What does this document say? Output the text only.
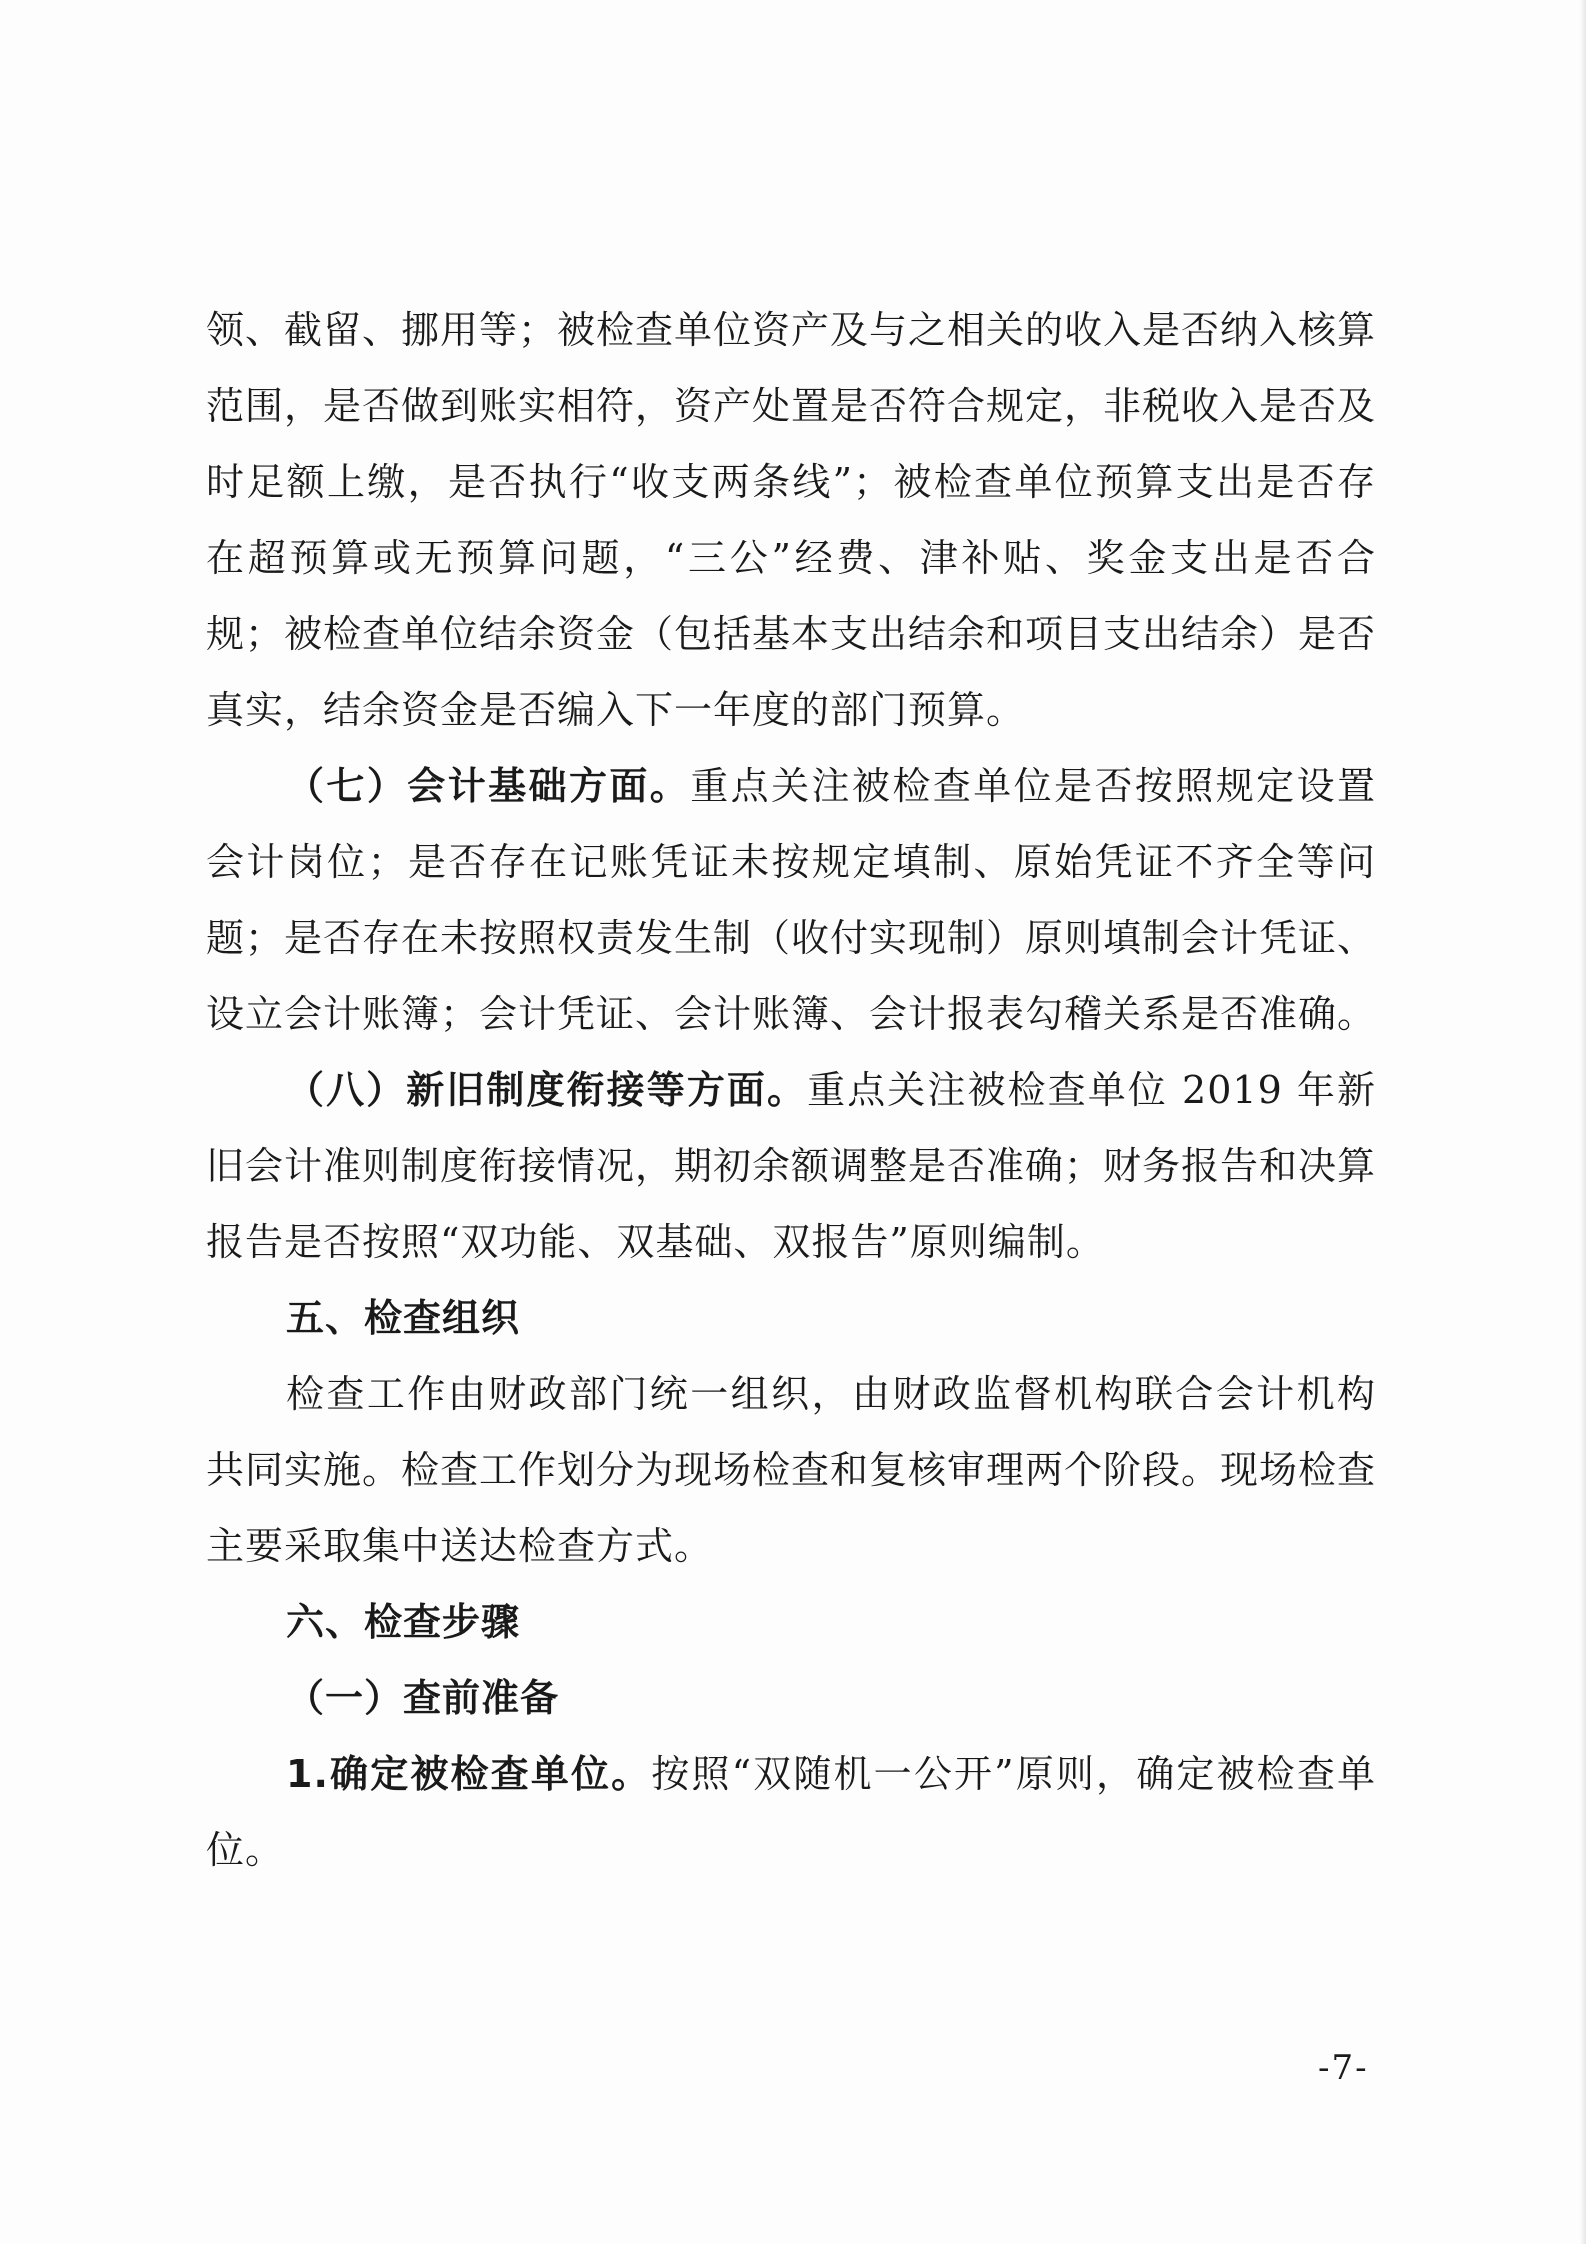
领、截留、挪用等；被检查单位资产及与之相关的收入是否纳入核算范围，是否做到账实相符，资产处置是否符合规定，非税收入是否及时足额上缴，是否执行“收支两条线”；被检查单位预算支出是否存在超预算或无预算问题，“三公”经费、津补贴、奖金支出是否合规；被检查单位结余资金（包括基本支出结余和项目支出结余）是否真实，结余资金是否编入下一年度的部门预算。

（七）会计基础方面。重点关注被检查单位是否按照规定设置会计岗位；是否存在记账凭证未按规定填制、原始凭证不齐全等问题；是否存在未按照权责发生制（收付实现制）原则填制会计凭证、设立会计账簿；会计凭证、会计账簿、会计报表勾稽关系是否准确。

（八）新旧制度衔接等方面。重点关注被检查单位 2019 年新旧会计准则制度衔接情况，期初余额调整是否准确；财务报告和决算报告是否按照“双功能、双基础、双报告”原则编制。

五、检查组织

检查工作由财政部门统一组织，由财政监督机构联合会计机构共同实施。检查工作划分为现场检查和复核审理两个阶段。现场检查主要采取集中送达检查方式。

六、检查步骤

（一）查前准备

1.确定被检查单位。按照“双随机一公开”原则，确定被检查单位。

-7-
